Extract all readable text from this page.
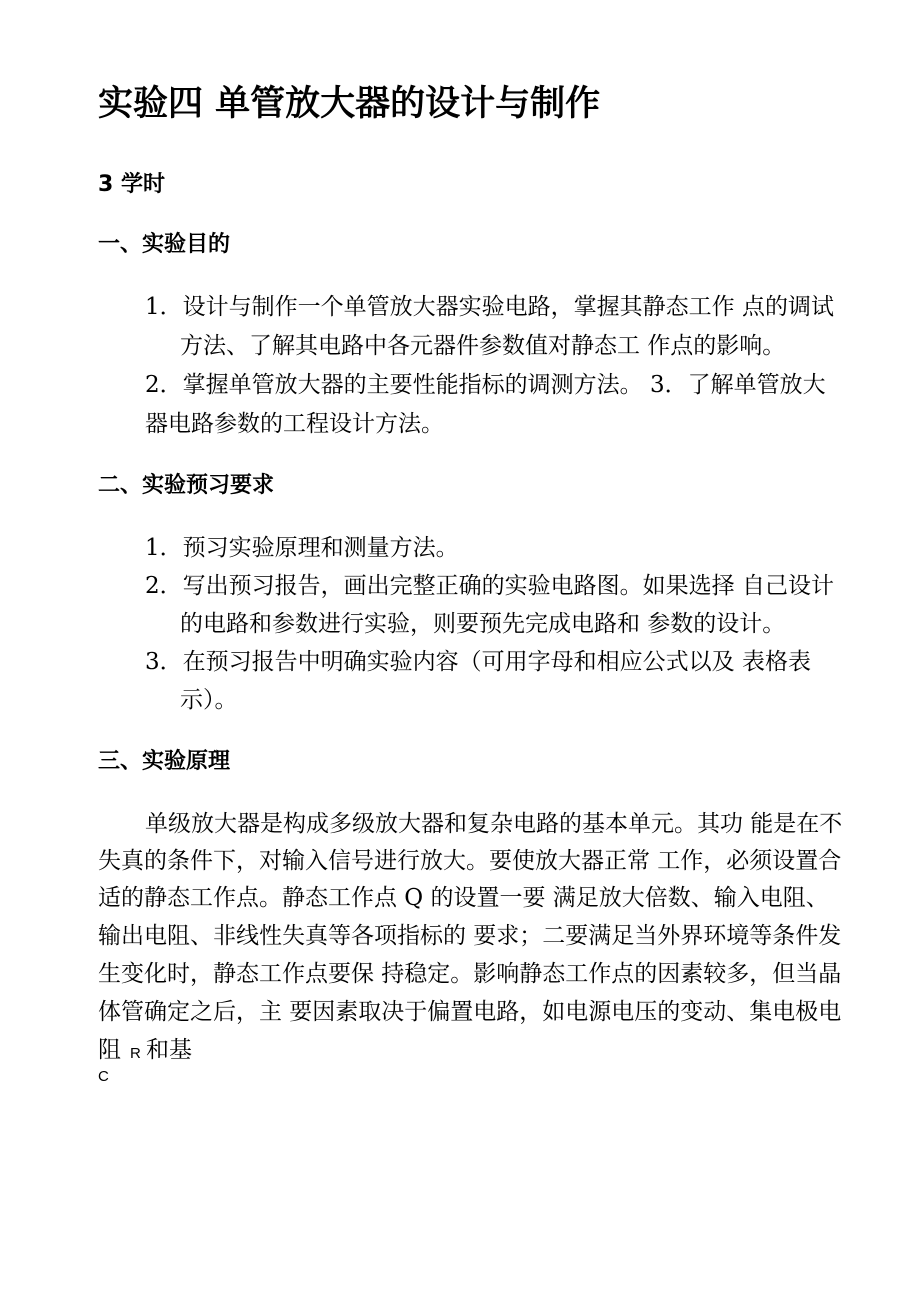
实验四 单管放大器的设计与制作
3 学时
一、实验目的
1．设计与制作一个单管放大器实验电路，掌握其静态工作 点的调试
方法、了解其电路中各元器件参数值对静态工 作点的影响。
2．掌握单管放大器的主要性能指标的调测方法。 3．了解单管放大
器电路参数的工程设计方法。
二、实验预习要求
1．预习实验原理和测量方法。
2．写出预习报告，画出完整正确的实验电路图。如果选择 自己设计
的电路和参数进行实验，则要预先完成电路和 参数的设计。
3．在预习报告中明确实验内容（可用字母和相应公式以及 表格表
示）。
三、实验原理
单级放大器是构成多级放大器和复杂电路的基本单元。其功 能是在不
失真的条件下，对输入信号进行放大。要使放大器正常 工作，必须设置合
适的静态工作点。静态工作点 Q 的设置一要 满足放大倍数、输入电阻、
输出电阻、非线性失真等各项指标的 要求；二要满足当外界环境等条件发
生变化时，静态工作点要保 持稳定。影响静态工作点的因素较多，但当晶
体管确定之后，主 要因素取决于偏置电路，如电源电压的变动、集电极电
阻 R 和基
C
